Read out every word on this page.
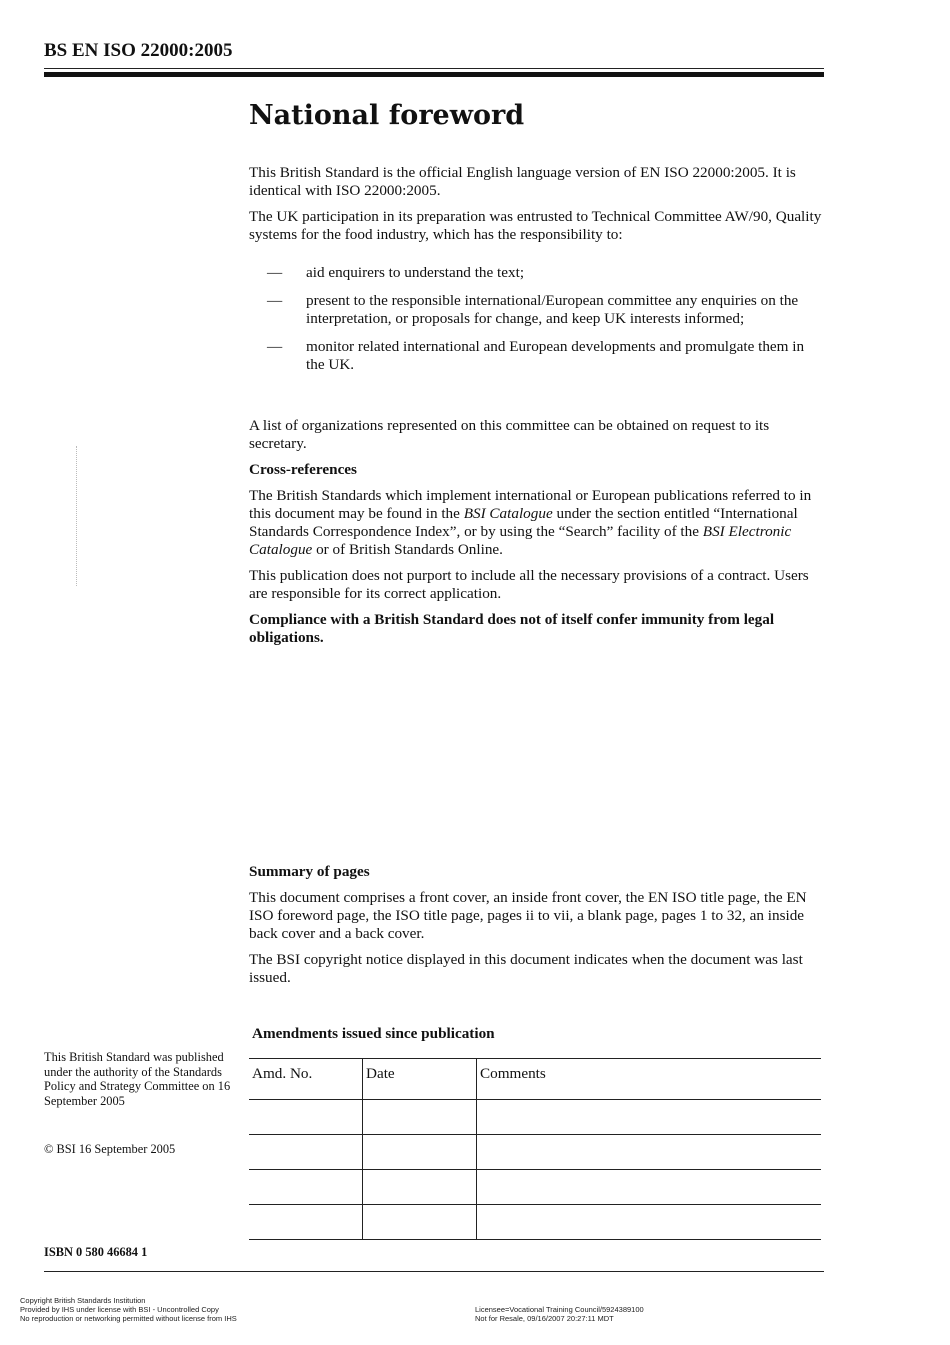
BS EN ISO 22000:2005
National foreword

This British Standard is the official English language version of EN ISO 22000:2005. It is identical with ISO 22000:2005.

The UK participation in its preparation was entrusted to Technical Committee AW/90, Quality systems for the food industry, which has the responsibility to:

— aid enquirers to understand the text;
— present to the responsible international/European committee any enquiries on the interpretation, or proposals for change, and keep UK interests informed;
— monitor related international and European developments and promulgate them in the UK.

A list of organizations represented on this committee can be obtained on request to its secretary.

Cross-references

The British Standards which implement international or European publications referred to in this document may be found in the BSI Catalogue under the section entitled “International Standards Correspondence Index”, or by using the “Search” facility of the BSI Electronic Catalogue or of British Standards Online.

This publication does not purport to include all the necessary provisions of a contract. Users are responsible for its correct application.

Compliance with a British Standard does not of itself confer immunity from legal obligations.

Summary of pages

This document comprises a front cover, an inside front cover, the EN ISO title page, the EN ISO foreword page, the ISO title page, pages ii to vii, a blank page, pages 1 to 32, an inside back cover and a back cover.

The BSI copyright notice displayed in this document indicates when the document was last issued.

This British Standard was published under the authority of the Standards Policy and Strategy Committee on 16 September 2005
© BSI 16 September 2005
ISBN 0 580 46684 1
Amendments issued since publication
Amd. No.	Date	Comments

Copyright British Standards Institution
Provided by IHS under license with BSI - Uncontrolled Copy
No reproduction or networking permitted without license from IHS
Licensee=Vocational Training Council/5924389100
Not for Resale, 09/16/2007 20:27:11 MDT
